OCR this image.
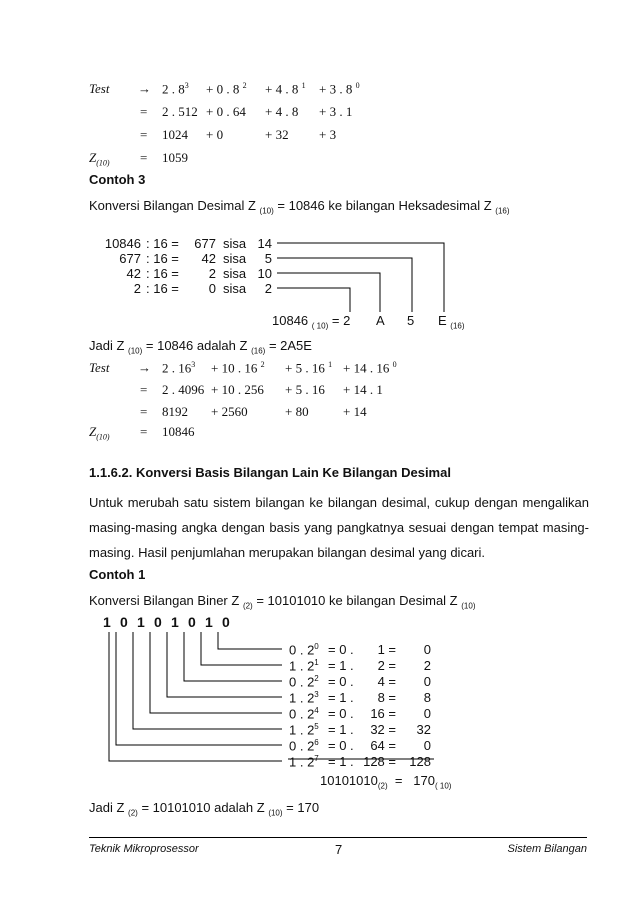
Test → 2 . $8^3 + 0$ . 8 $^2$ + 4 . 8 $^1$ + 3 . 8 $^0$
= 2 . 512 + 0 . 64 + 4 . 8 + 3 . 1
= 1024 + 0	+ 32 + 3
$Z_{(10)} = 1059$
Contoh 3
Konversi Bilangan Desimal Z $_{(10)}$ = 10846 ke bilangan Heksadesimal Z $_{(16)}$
10846 : 16 =	677 sisa 14
677 : 16 =	42 sisa	5
42 : 16 =	2 sisa 10
2 : 16 =	0 sisa	2
10846 $_{( 10)}$ = 2 A 5 E $_{(16)}$
Jadi Z $_{(10)}$ = 10846 adalah Z $_{(16)}$ = 2A5E
Test → 2 . $16^3 + 10$ . 16 $^2$ + 5 . 16 $^1$ + 14 . 16 $^0$
= 2 . 4096 + 10 . 256 + 5 . 16 + 14 . 1
= 8192 + 2560	+ 80	+ 14
$Z_{(10)} = 10846$
1.1.6.2. Konversi Basis Bilangan Lain Ke Bilangan Desimal
Untuk merubah satu sistem bilangan ke bilangan desimal, cukup dengan mengalikan masing-masing angka dengan basis yang pangkatnya sesuai dengan tempat masing-
masing. Hasil penjumlahan merupakan bilangan desimal yang dicari.
Contoh 1
Konversi Bilangan Biner Z $_{(2)}$ = 10101010 ke bilangan Desimal Z $_{(10)}$
1 0 1 0 1 0 1 0
0 . $2^0 = 0$ .	1 =	0
1 . $2^1 = 1$ .	2 =	2
0 . $2^2 = 0$ .	4 =	0
1 . $2^3 = 1$ .	8 =	8
0 . $2^4 = 0$ .	16 =	0
1 . $2^5 = 1$ .	32 =	32
0 . $2^6 = 0$ .	64 =	0
1 . $2^7 = 1$ . 128 =	128
$10101010_{(2)} = 170_{( 10)}$
Jadi Z $_{(2)}$ = 10101010 adalah Z $_{(10)}$ = 170
Teknik Mikroprosessor	7	Sistem Bilangan
